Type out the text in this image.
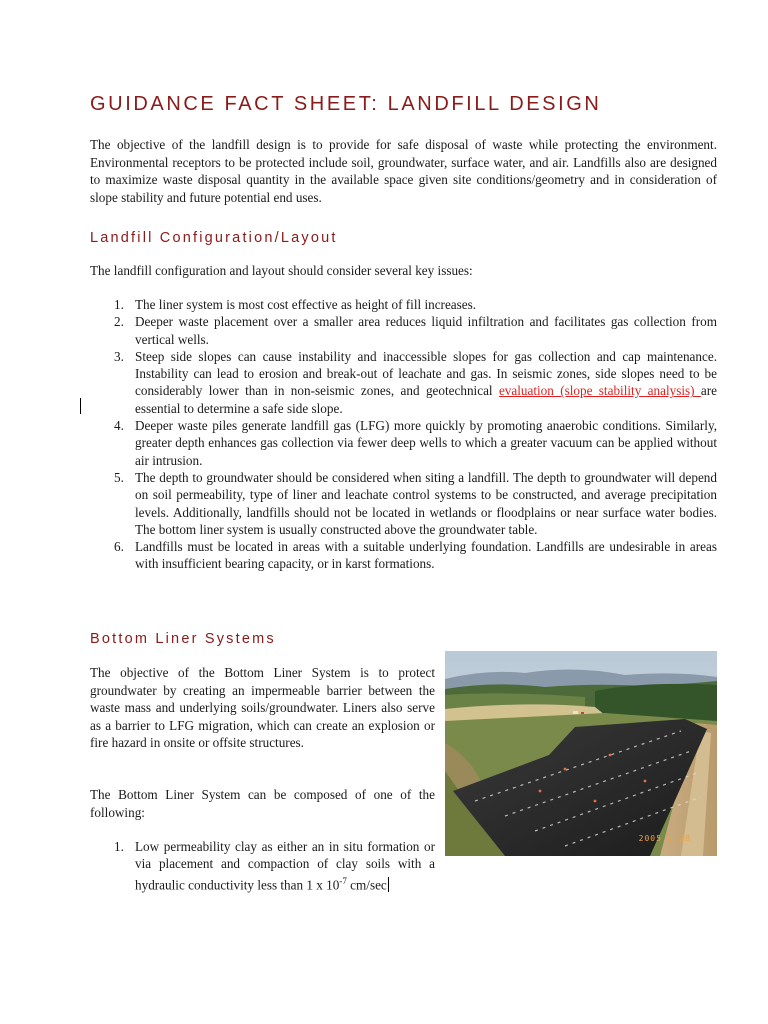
GUIDANCE FACT SHEET: LANDFILL DESIGN

The objective of the landfill design is to provide for safe disposal of waste while protecting the environment. Environmental receptors to be protected include soil, groundwater, surface water, and air. Landfills also are designed to maximize waste disposal quantity in the available space given site conditions/geometry and in consideration of slope stability and future potential end uses.

Landfill Configuration/Layout

The landfill configuration and layout should consider several key issues:

1. The liner system is most cost effective as height of fill increases.
2. Deeper waste placement over a smaller area reduces liquid infiltration and facilitates gas collection from vertical wells.
3. Steep side slopes can cause instability and inaccessible slopes for gas collection and cap maintenance. Instability can lead to erosion and break-out of leachate and gas. In seismic zones, side slopes need to be considerably lower than in non-seismic zones, and geotechnical evaluation (slope stability analysis) are essential to determine a safe side slope.
4. Deeper waste piles generate landfill gas (LFG) more quickly by promoting anaerobic conditions. Similarly, greater depth enhances gas collection via fewer deep wells to which a greater vacuum can be applied without air intrusion.
5. The depth to groundwater should be considered when siting a landfill. The depth to groundwater will depend on soil permeability, type of liner and leachate control systems to be constructed, and average precipitation levels. Additionally, landfills should not be located in wetlands or floodplains or near surface water bodies. The bottom liner system is usually constructed above the groundwater table.
6. Landfills must be located in areas with a suitable underlying foundation. Landfills are undesirable in areas with insufficient bearing capacity, or in karst formations.
Bottom Liner Systems

The objective of the Bottom Liner System is to protect groundwater by creating an impermeable barrier between the waste mass and underlying soils/groundwater. Liners also serve as a barrier to LFG migration, which can create an explosion or fire hazard in onsite or offsite structures.

The Bottom Liner System can be composed of one of the following:

1. Low permeability clay as either an in situ formation or via placement and compaction of clay soils with a hydraulic conductivity less than 1 x $10^{-7}$ cm/sec
2005 6 28
